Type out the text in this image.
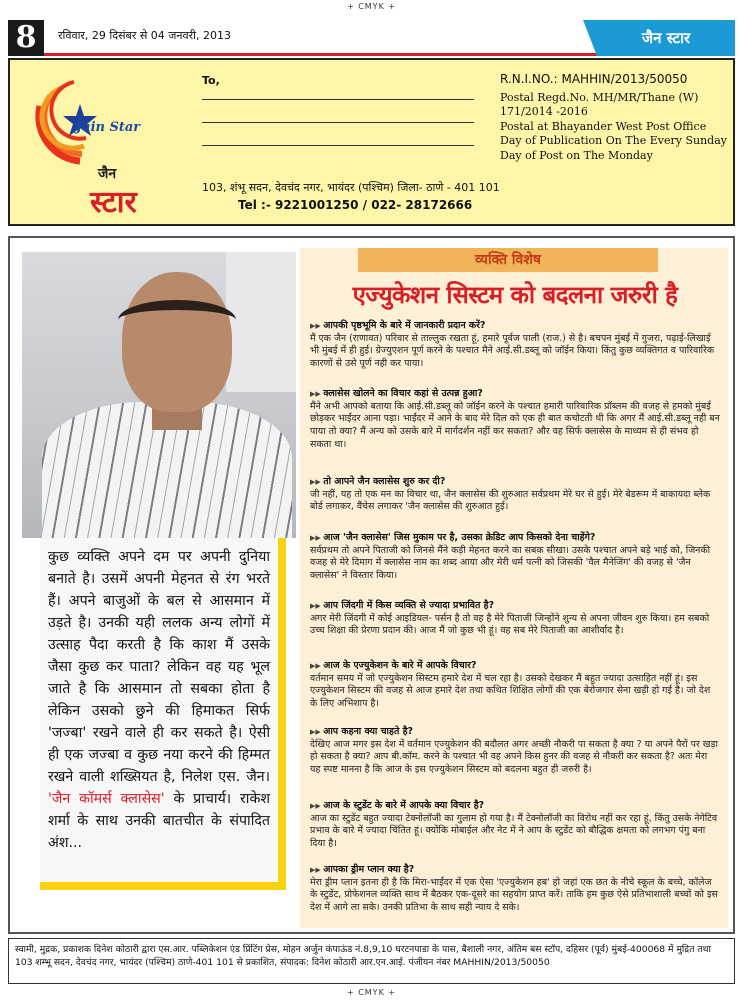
+ CMYK +
8	रविवार, 29 दिसंबर से 04 जनवरी, 2013	जैन स्टार
Jain Star
जैन
स्टार
To,
103, शंभू सदन, देवचंद नगर, भायंदर (पश्चिम) जिला- ठाणे - 401 101
Tel :- 9221001250 / 022- 28172666
R.N.I.NO.: MAHHIN/2013/50050
Postal Regd.No. MH/MR/Thane (W)
171/2014 -2016
Postal at Bhayander West Post Office
Day of Publication On The Every Sunday
Day of Post on The Monday

कुछ व्यक्ति अपने दम पर अपनी दुनिया बनाते है। उसमें अपनी मेहनत से रंग भरते हैं। अपने बाजुओं के बल से आसमान में उड़ते है। उनकी यही ललक अन्य लोगों में उत्साह पैदा करती है कि काश मैं उसके जैसा कुछ कर पाता? लेकिन वह यह भूल जाते है कि आसमान तो सबका होता है लेकिन उसको छुने की हिमाकत सिर्फ 'जज्बा' रखने वाले ही कर सकते है। ऐसी ही एक जज्बा व कुछ नया करने की हिम्मत रखने वाली शख्सियत है, निलेश एस. जैन। 'जैन कॉमर्स क्लासेस' के प्राचार्य। राकेश शर्मा के साथ उनकी बातचीत के संपादित अंश...

व्यक्ति विशेष
एज्युकेशन सिस्टम को बदलना जरुरी है
▶▶ आपकी पृष्ठभूमि के बारे में जानकारी प्रदान करें?
मैं एक जैन (राणावत) परिवार से ताल्लुक रखता हूं, हमारे पूर्वज पाली (राज.) से है। बचपन मुंबई में गुजरा, पढ़ाई-लिखाई भी मुंबई में ही हुई। ग्रेज्युएशन पूर्ण करने के पश्चात मैने आई.सी.डब्लू को जॉईन किया। किंतु कुछ व्यक्तिगत व पारिवारिक कारणों से उसे पूर्ण नही कर पाया।
▶▶ क्लासेस खोलने का विचार कहां से उत्पन्न हुआ?
मैंने अभी आपको बताया कि आई.सी.डब्लू को जॉईन करने के पश्चात हमारी पारिवारिक प्रॉब्लम की वजह से हमको मुंबई छोड़कर भाईंदर आना पड़ा। भाईंदर में आने के बाद मेरे दिल को एक ही बात कचोटती थी कि अगर मैं आई.सी.डब्लू नही बन पाया तो क्या? मैं अन्य को उसके बारे में मार्गदर्शन नहीं कर सकता? और वह सिर्फ क्लासेस के माध्यम से ही संभव हो सकता था।
▶▶ तो आपने जैन क्लासेस शुरु कर दी?
जी नहीं, यह तो एक मन का विचार था, जैन क्लासेस की शुरुआत सर्वप्रथम मेरे घर से हुई। मेरे बेडरूम में बाकायदा ब्लेक बोर्ड लगाकर, वैंचेस लगाकर 'जैन क्लासेस की शुरुआत हुई।
▶▶ आज 'जैन क्लासेस' जिस मुकाम पर है, उसका क्रेडिट आप किसको देना चाहेंगे?
सर्वप्रथम तो अपने पिताजी को जिनसे मैंने कड़ी मेहनत करने का सबक सीखा। उसके पश्चात अपने बड़े भाई को, जिनकी वजह से मेरे दिमाग में क्लासेस नाम का शब्द आया और मेरी धर्म पत्नी को जिसकी 'वैल मैनेजिंग' की वजह से 'जैन क्लासेस' ने विस्तार किया।
▶▶ आप जिंदगी में किस व्यक्ति से ज्यादा प्रभावित है?
अगर मेरी जिंदगी में कोई आइडियल- पर्सन है तो वह है मेरे पिताजी जिन्होंने शुन्य से अपना जीवन शुरु किया। हम सबको उच्च शिक्षा की प्रेरणा प्रदान की। आज मैं जो कुछ भी हूं। वह सब मेरे पिताजी का आशीर्वाद है।
▶▶ आज के एज्युकेशन के बारे में आपके विचार?
वर्तमान समय में जो एज्युकेशन सिस्टम हमारे देश में चल रहा है। उसको देखकर मैं बहुत ज्यादा उत्साहित नहीं हूं। इस एज्युकेशन सिस्टम की वजह से आज हमारे देश तथा कथित शिक्षित लोगों की एक बेरोजगार सेना खड़ी हो गई है। जो देश के लिए अभिशाप है।
▶▶ आप कहना क्या चाहते है?
देखिए आज मगर इस देश में वर्तमान एज्युकेशन की बदौलत अगर अच्छी नौकरी पा सकता है क्या ? या अपने पैरों पर खड़ा हो सकता है क्या? आप बी.कॉम. करने के पश्चात भी वह अपने किस हुनर की वजह से नौकरी कर सकता है? अतः मेरा यह स्पष्ट मानना है कि आज के इस एज्युकेशन सिस्टम को बदलना बहुत ही जरुरी है।
▶▶ आज के स्टुडेंट के बारे में आपके क्या विचार है?
आज का स्टुडेंट बहुत ज्यादा टेक्नोलॉजी का गुलाम हो गया है। मैं टेक्नोलॉजी का विरोध नहीं कर रहा हूं, किंतु उसके नेगेटिव प्रभाव के बारे में ज्यादा चिंतित हूं। क्योंकि मोबाईल और नेट में ने आप के स्टुडेंट को बौद्धिक क्षमता को लगभग पंगु बना दिया है।
▶▶ आपका ड्रीम प्लान क्या है?
मेरा ड्रीम प्लान इतना ही है कि मिरा-भाईंदर में एक ऐसा 'एज्युकेशन हब' हो जहां एक छत के नीचे स्कूल के बच्चे, कॉलेज के स्टुडेंट, प्रोफेशनल व्यक्ति साथ में बैठकर एक-दूसरे का सहयोग प्राप्त करें। ताकि हम कुछ ऐसे प्रतिभाशाली बच्चों को इस देश में आगे ला सके। उनकी प्रतिभा के साथ सही न्याय दे सके।
स्वामी, मुद्रक, प्रकाशक दिनेश कोठारी द्वारा एस.आर. पब्लिकेशन एंड प्रिंटिंग प्रेस, मोहन अर्जुन कंपाऊंड नं.8,9,10 घरटनपाडा के पास, बैशाली नगर, अंतिम बस स्टॉप, दहिसर (पूर्व) मुंबई-400068 में मुद्रित तथा 103 शम्भू सदन, देवचंद नगर, भायंदर (पश्चिम) ठाणे-401 101 से प्रकाशित, संपादक: दिनेश कोठारी आर.एन.आई. पंजीयन नंबर MAHHIN/2013/50050
+ CMYK +
